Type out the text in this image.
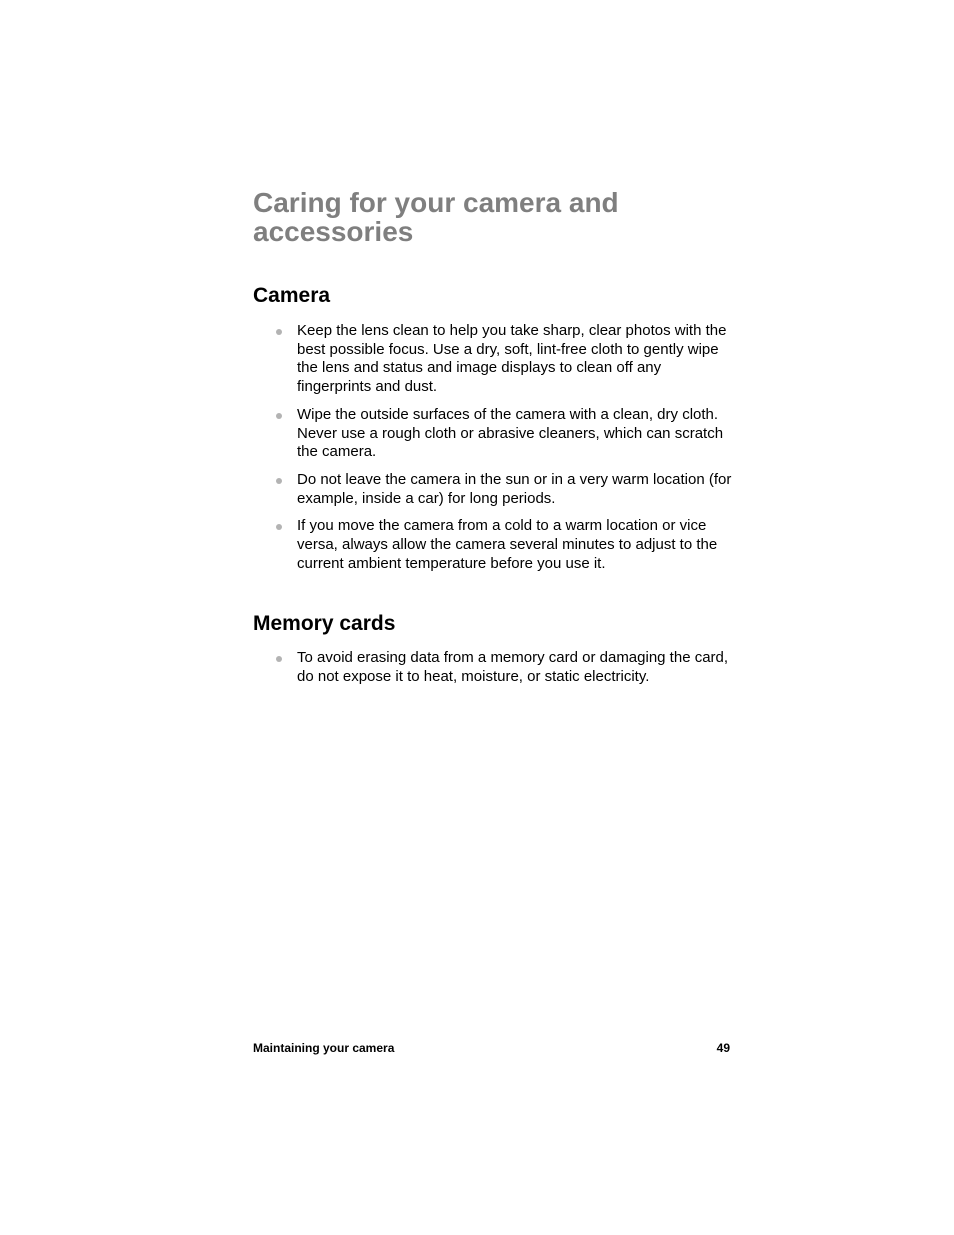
Caring for your camera and accessories
Camera
Keep the lens clean to help you take sharp, clear photos with the best possible focus. Use a dry, soft, lint-free cloth to gently wipe the lens and status and image displays to clean off any fingerprints and dust.
Wipe the outside surfaces of the camera with a clean, dry cloth. Never use a rough cloth or abrasive cleaners, which can scratch the camera.
Do not leave the camera in the sun or in a very warm location (for example, inside a car) for long periods.
If you move the camera from a cold to a warm location or vice versa, always allow the camera several minutes to adjust to the current ambient temperature before you use it.
Memory cards
To avoid erasing data from a memory card or damaging the card, do not expose it to heat, moisture, or static electricity.
Maintaining your camera	49
